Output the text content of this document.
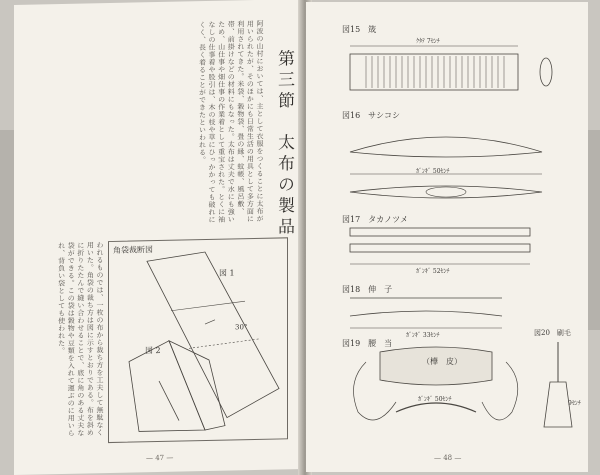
阿波の山村においては、主として衣服をつくることに太布が用いられたが、そのほかにも日常生活の用具として多方面に利用されてきた。米袋、穀物袋、畳の縁、蚊帳、風呂敷、帯、前掛けなどの材料にもなった。太布は丈夫で水にも強いため、山仕事や畑仕事の作業着として重宝された。とくに袖なしの仕事着や股引は、木の枝や草にひっかかっても破れにくく、長く着ることができたといわれる。	第三節　太布の製品
われるものでは、一枚の布から裁ち方を工夫して無駄なく用いた。角袋の裁ち方は図に示すとおりである。布を斜めに折りたたんで縫い合わせることで、底に角のある丈夫な袋ができる。この袋は穀物や豆類を入れて運ぶのに用いられ、背負い袋としても使われた。	角袋裁断図
図 1
図 2
30°
— 47 —
図15　筬
ｸﾀﾃ 7ｾﾝﾁ
図16　サシコシ
ｶﾞﾝｷﾞ 50ｾﾝﾁ
図17　タカノツメ
ｶﾞﾝｷﾞ 52ｾﾝﾁ
図18　伸　子
ｶﾞﾝｷﾞ 33ｾﾝﾁ
図19　腰　当
（樺　皮）
ｶﾞﾝｷﾞ 50ｾﾝﾁ
図20　刷毛
9ｾﾝﾁ
— 48 —
